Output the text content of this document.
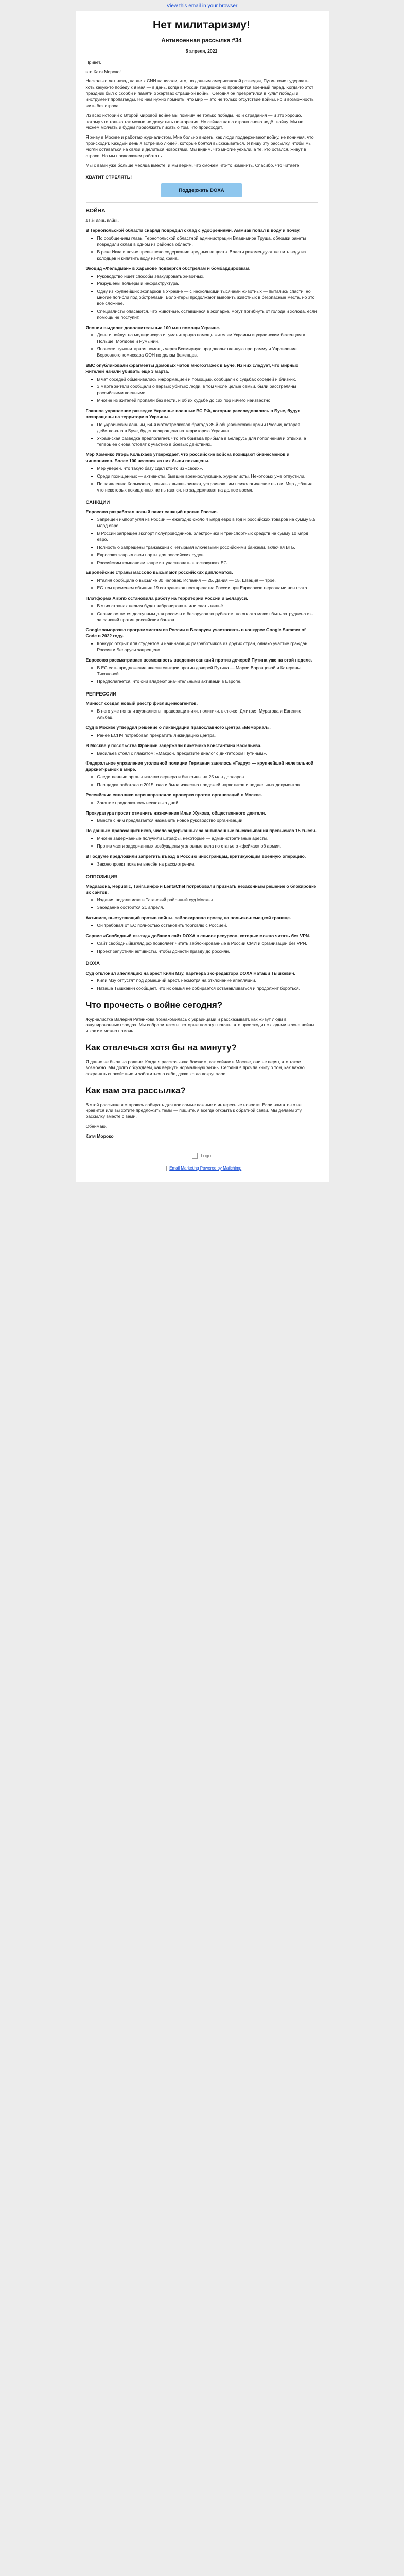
View this email in your browser
Нет милитаризму!
Антивоенная рассылка #34
5 апреля, 2022

Привет,

это Катя Мороко!

Несколько лет назад на днях СNN написали, что, по данным американской разведки, Путин хочет удержать хоть какую-то победу к 9 мая — в день, когда в России традиционно проводится военный парад. Когда-то этот праздник был о скорби и памяти о жертвах страшной войны. Сегодня он превратился в культ победы и инструмент пропаганды. Но нам нужно помнить, что мир — это не только отсутствие войны, но и возможность жить без страха.

Из всех историй о Второй мировой войне мы помним не только победы, но и страдания — и это хорошо, потому что только так можно не допустить повторения. Но сейчас наша страна снова ведёт войну. Мы не можем молчать и будем продолжать писать о том, что происходит.

Я живу в Москве и работаю журналистом. Мне больно видеть, как люди поддерживают войну, не понимая, что происходит. Каждый день я встречаю людей, которые боятся высказываться. Я пишу эту рассылку, чтобы мы могли оставаться на связи и делиться новостями. Мы видим, что многие уехали, а те, кто остался, живут в страхе. Но мы продолжаем работать.

Мы с вами уже больше месяца вместе, и мы верим, что сможем что-то изменить. Спасибо, что читаете.

ХВАТИТ СТРЕЛЯТЬ!
Поддержать DOXA
ВОЙНА
41-й день войны
В Тернопольской области снаряд повредил склад с удобрениями. Аммиак попал в воду и почву.
• По сообщениям главы Тернопольской областной администрации Владимира Труша, обломки ракеты повредили склад в одном из районов области.
• В реке Иква и почве превышено содержание вредных веществ. Власти рекомендуют не пить воду из колодцев и кипятить воду из-под крана.
Экоцид «Фельдман» в Харькове подвергся обстрелам и бомбардировкам.
• Руководство ищет способы эвакуировать животных.
• Разрушены вольеры и инфраструктура.
• Одну из крупнейших экопарков в Украине — с несколькими тысячами животных — пытались спасти, но многие погибли под обстрелами. Волонтёры продолжают вывозить животных в безопасные места, но это всё сложнее.
• Специалисты опасаются, что животные, оставшиеся в экопарке, могут погибнуть от голода и холода, если помощь не поступит.
Японии выделит дополнительные 100 млн помощи Украине.
• Деньги пойдут на медицинскую и гуманитарную помощь жителям Украины и украинским беженцам в Польше, Молдове и Румынии.
• Японская гуманитарная помощь через Всемирную продовольственную программу и Управление Верховного комиссара ООН по делам беженцев.
ВВС опубликовали фрагменты домовых чатов многоэтажек в Буче. Из них следует, что мирных жителей начали убивать ещё 3 марта.
• В чат соседей обменивались информацией и помощью, сообщали о судьбах соседей и близких.
• 3 марта жители сообщали о первых убитых: люди, в том числе целые семьи, были расстреляны российскими военными.
• Многие из жителей пропали без вести, и об их судьбе до сих пор ничего неизвестно.
Главное управление разведки Украины: военные ВС РФ, которые расследовались в Буче, будут возвращены на территорию Украины.
• По украинским данным, 64-я мотострелковая бригада 35-й общевойсковой армии России, которая действовала в Буче, будет возвращена на территорию Украины.
• Украинская разведка предполагает, что эта бригада прибыла в Беларусь для пополнения и отдыха, а теперь её снова готовят к участию в боевых действиях.
Мэр Хоменко Игорь Колыхаев утверждает, что российские войска похищают бизнесменов и чиновников. Более 100 человек из них были похищены.
• Мэр уверен, что такую базу сдал кто-то из «своих».
• Среди похищенных — активисты, бывшие военнослужащие, журналисты. Некоторых уже отпустили.
• По заявлению Колыхаева, пожилых вышвыривают, устраивают им психологические пытки. Мэр добавил, что некоторых похищенных не пытаются, но задерживают на долгое время.
САНКЦИИ
Евросоюз разработал новый пакет санкций против России.
• Запрещен импорт угля из России — ежегодно около 4 млрд евро в год и российских товаров на сумму 5,5 млрд евро.
• В России запрещен экспорт полупроводников, электроники и транспортных средств на сумму 10 млрд евро.
• Полностью запрещены транзакции с четырьмя ключевыми российскими банками, включая ВТБ.
• Евросоюз закрыл свои порты для российских судов.
• Российским компаниям запретят участвовать в госзакупках ЕС.
Европейские страны массово высылают российских дипломатов.
• Италия сообщила о высылке 30 человек, Испания — 25, Дания — 15, Швеция — трое.
• ЕС тем временем объявил 19 сотрудников постпредства России при Евросоюзе персонами нон грата.
Платформа Airbnb остановила работу на территории России и Беларуси.
• В этих странах нельзя будет забронировать или сдать жильё.
• Сервис остается доступным для россиян и белорусов за рубежом, но оплата может быть затруднена из-за санкций против российских банков.
Google заморозил программистам из России и Беларуси участвовать в конкурсе Google Summer of Code в 2022 году.
• Конкурс открыт для студентов и начинающих разработчиков из других стран, однако участие граждан России и Беларуси запрещено.
Евросоюз рассматривает возможность введения санкций против дочерей Путина уже на этой неделе.
• В ЕС есть предложение ввести санкции против дочерей Путина — Марии Воронцовой и Катерины Тихоновой.
• Предполагается, что они владеют значительными активами в Европе.
РЕПРЕССИИ
Минюст создал новый реестр физлиц-иноагентов.
• В него уже попали журналисты, правозащитники, политики, включая Дмитрия Муратова и Евгению Альбац.
Суд в Москве утвердил решение о ликвидации православного центра «Мемориал».
• Ранее ЕСПЧ потребовал прекратить ликвидацию центра.
В Москве у посольства Франции задержали пикетчика Константина Васильева.
• Васильев стоял с плакатом: «Макрон, прекратите диалог с диктатором Путиным».
Федеральное управление уголовной полиции Германии занялось «Гедру» — крупнейшей нелегальной даркнет-рынок в мире.
• Следственные органы изъяли сервера и биткоины на 25 млн долларов.
• Площадка работала с 2015 года и была известна продажей наркотиков и поддельных документов.
Российские силовики перенаправляли проверки против организаций в Москве.
• Занятие продолжалось несколько дней.
Прокуратура просит отменить назначение Ильи Жукова, общественного деятеля.
• Вместе с ним предлагается назначить новое руководство организации.
По данным правозащитников, число задержанных за антивоенные высказывания превысило 15 тысяч.
• Многие задержанные получили штрафы, некоторые — административные аресты.
• Против части задержанных возбуждены уголовные дела по статье о «фейках» об армии.
В Госдуме предложили запретить въезд в Россию иностранцам, критикующим военную операцию.
• Законопроект пока не внесён на рассмотрение.
ОППОЗИЦИЯ
Медиазона, Republic, Тайга.инфо и LentaChel потребовали признать незаконным решение о блокировке их сайтов.
• Издания подали иски в Таганский районный суд Москвы.
• Заседание состоится 21 апреля.
Активист, выступающий против войны, заблокировал проезд на польско-немецкой границе.
• Он требовал от ЕС полностью остановить торговлю с Россией.
Сервис «Свободный взгляд» добавил сайт DOXA в список ресурсов, которые можно читать без VPN.
• Сайт свободныйвзгляд.рф позволяет читать заблокированные в России СМИ и организации без VPN.
• Проект запустили активисты, чтобы донести правду до россиян.
DOXA
Суд отклонил апелляцию на арест Кили Мзу, партнера экс-редактора DOXA Наташи Тышкевич.
• Кили Мзу отпустят под домашний арест, несмотря на отклонение апелляции.
• Наташа Тышкевич сообщает, что их семья не собирается останавливаться и продолжит бороться.
Что прочесть о войне сегодня?

Журналистка Валерия Ратникова познакомилась с украинцами и рассказывает, как живут люди в оккупированных городах. Мы собрали тексты, которые помогут понять, что происходит с людьми в зоне войны и как им можно помочь.

Как отвлечься хотя бы на минуту?

Я давно не была на родине. Когда я рассказываю близким, как сейчас в Москве, они не верят, что такое возможно. Мы долго обсуждаем, как вернуть нормальную жизнь. Сегодня я прочла книгу о том, как важно сохранять спокойствие и заботиться о себе, даже когда вокруг хаос.

Как вам эта рассылка?

В этой рассылке я стараюсь собирать для вас самые важные и интересные новости. Если вам что-то не нравится или вы хотите предложить темы — пишите, я всегда открыта к обратной связи. Мы делаем эту рассылку вместе с вами.

Обнимаю,

Катя Мороко

Logo
Email Marketing Powered by Mailchimp
